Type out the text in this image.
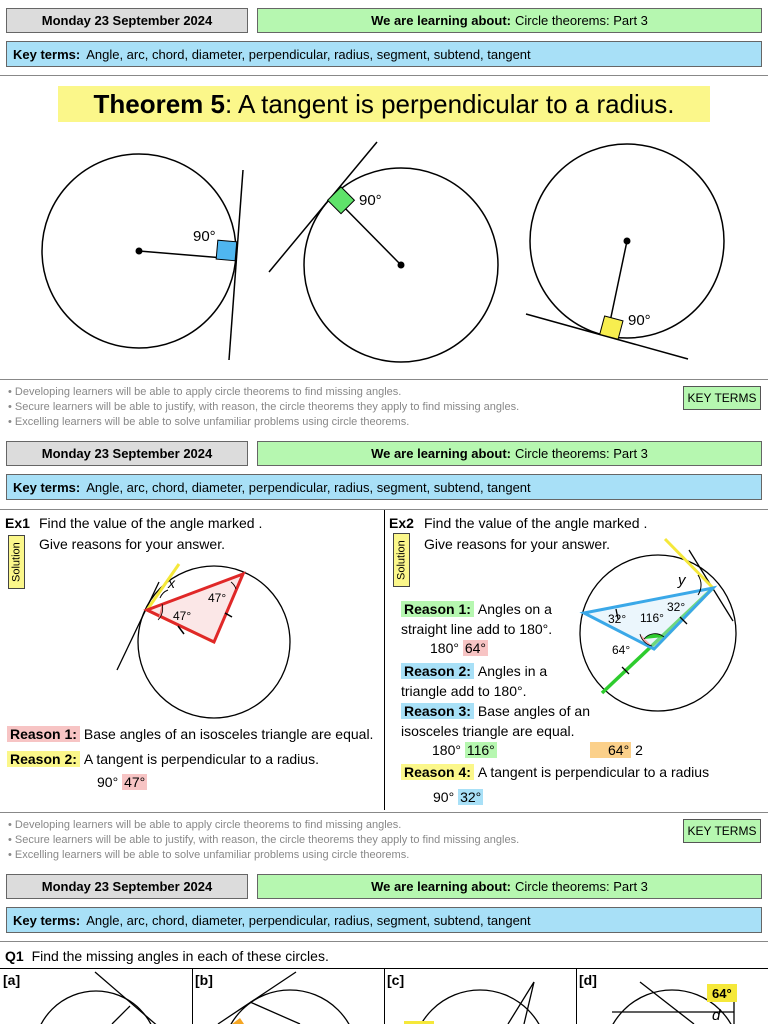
Monday 23 September 2024	We are learning about: Circle theorems: Part 3
Key terms: Angle, arc, chord, diameter, perpendicular, radius, segment, subtend, tangent
Theorem 5 : A tangent is perpendicular to a radius.
90°
90°
90°
• Developing learners will be able to apply circle theorems to find missing angles.
• Secure learners will be able to justify, with reason, the circle theorems they apply to find missing angles.
• Excelling learners will be able to solve unfamiliar problems using circle theorems.
KEY TERMS
Monday 23 September 2024	We are learning about: Circle theorems: Part 3
Key terms: Angle, arc, chord, diameter, perpendicular, radius, segment, subtend, tangent
Ex1 Find the value of the angle marked .
Give reasons for your answer.
Solution
x
47°
47°
Reason 1: Base angles of an isosceles triangle are equal.
Reason 2: A tangent is perpendicular to a radius.
90° 47°
Ex2 Find the value of the angle marked .
Give reasons for your answer.
Solution
y
32° 116°
32°
64°
Reason 1: Angles on a
straight line add to 180°.
180° 64°
Reason 2: Angles in a
triangle add to 180°.
Reason 3: Base angles of an
isosceles triangle are equal.
180° 116°	64° 2
Reason 4: A tangent is perpendicular to a radius
90° 32°
• Developing learners will be able to apply circle theorems to find missing angles.
• Secure learners will be able to justify, with reason, the circle theorems they apply to find missing angles.
• Excelling learners will be able to solve unfamiliar problems using circle theorems.
KEY TERMS
Monday 23 September 2024	We are learning about: Circle theorems: Part 3
Key terms: Angle, arc, chord, diameter, perpendicular, radius, segment, subtend, tangent
Q1 Find the missing angles in each of these circles.
[a]	[b]	[c]	[d]
64°
d
